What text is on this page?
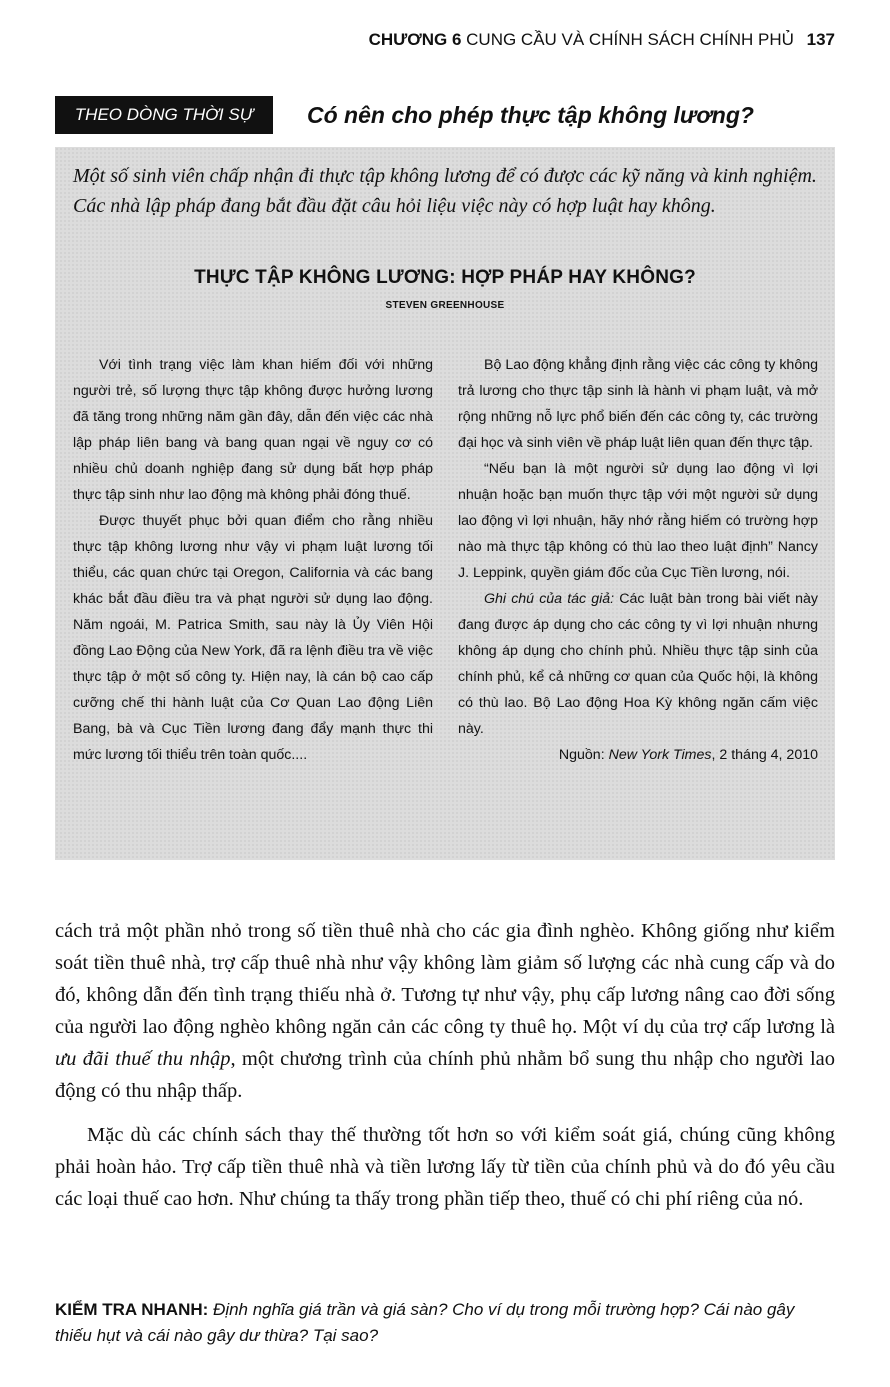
CHƯƠNG 6 CUNG CẦU VÀ CHÍNH SÁCH CHÍNH PHỦ 137
THEO DÒNG THỜI SỰ	Có nên cho phép thực tập không lương?
Một số sinh viên chấp nhận đi thực tập không lương để có được các kỹ năng và kinh nghiệm. Các nhà lập pháp đang bắt đầu đặt câu hỏi liệu việc này có hợp luật hay không.
THỰC TẬP KHÔNG LƯƠNG: HỢP PHÁP HAY KHÔNG?
STEVEN GREENHOUSE

Với tình trạng việc làm khan hiếm đối với những người trẻ, số lượng thực tập không được hưởng lương đã tăng trong những năm gần đây, dẫn đến việc các nhà lập pháp liên bang và bang quan ngại về nguy cơ có nhiều chủ doanh nghiệp đang sử dụng bất hợp pháp thực tập sinh như lao động mà không phải đóng thuế.

Được thuyết phục bởi quan điểm cho rằng nhiều thực tập không lương như vậy vi phạm luật lương tối thiểu, các quan chức tại Oregon, California và các bang khác bắt đầu điều tra và phạt người sử dụng lao động. Năm ngoái, M. Patrica Smith, sau này là Ủy Viên Hội đồng Lao Động của New York, đã ra lệnh điều tra về việc thực tập ở một số công ty. Hiện nay, là cán bộ cao cấp cưỡng chế thi hành luật của Cơ Quan Lao động Liên Bang, bà và Cục Tiền lương đang đẩy mạnh thực thi mức lương tối thiểu trên toàn quốc....

Bộ Lao động khẳng định rằng việc các công ty không trả lương cho thực tập sinh là hành vi phạm luật, và mở rộng những nỗ lực phổ biến đến các công ty, các trường đại học và sinh viên về pháp luật liên quan đến thực tập.

“Nếu bạn là một người sử dụng lao động vì lợi nhuận hoặc bạn muốn thực tập với một người sử dụng lao động vì lợi nhuận, hãy nhớ rằng hiếm có trường hợp nào mà thực tập không có thù lao theo luật định” Nancy J. Leppink, quyền giám đốc của Cục Tiền lương, nói.

Ghi chú của tác giả: Các luật bàn trong bài viết này đang được áp dụng cho các công ty vì lợi nhuận nhưng không áp dụng cho chính phủ. Nhiều thực tập sinh của chính phủ, kể cả những cơ quan của Quốc hội, là không có thù lao. Bộ Lao động Hoa Kỳ không ngăn cấm việc này.

Nguồn: New York Times, 2 tháng 4, 2010

cách trả một phần nhỏ trong số tiền thuê nhà cho các gia đình nghèo. Không giống như kiểm soát tiền thuê nhà, trợ cấp thuê nhà như vậy không làm giảm số lượng các nhà cung cấp và do đó, không dẫn đến tình trạng thiếu nhà ở. Tương tự như vậy, phụ cấp lương nâng cao đời sống của người lao động nghèo không ngăn cản các công ty thuê họ. Một ví dụ của trợ cấp lương là ưu đãi thuế thu nhập, một chương trình của chính phủ nhằm bổ sung thu nhập cho người lao động có thu nhập thấp.

Mặc dù các chính sách thay thế thường tốt hơn so với kiểm soát giá, chúng cũng không phải hoàn hảo. Trợ cấp tiền thuê nhà và tiền lương lấy từ tiền của chính phủ và do đó yêu cầu các loại thuế cao hơn. Như chúng ta thấy trong phần tiếp theo, thuế có chi phí riêng của nó.

KIỂM TRA NHANH: Định nghĩa giá trần và giá sàn? Cho ví dụ trong mỗi trường hợp? Cái nào gây thiếu hụt và cái nào gây dư thừa? Tại sao?
